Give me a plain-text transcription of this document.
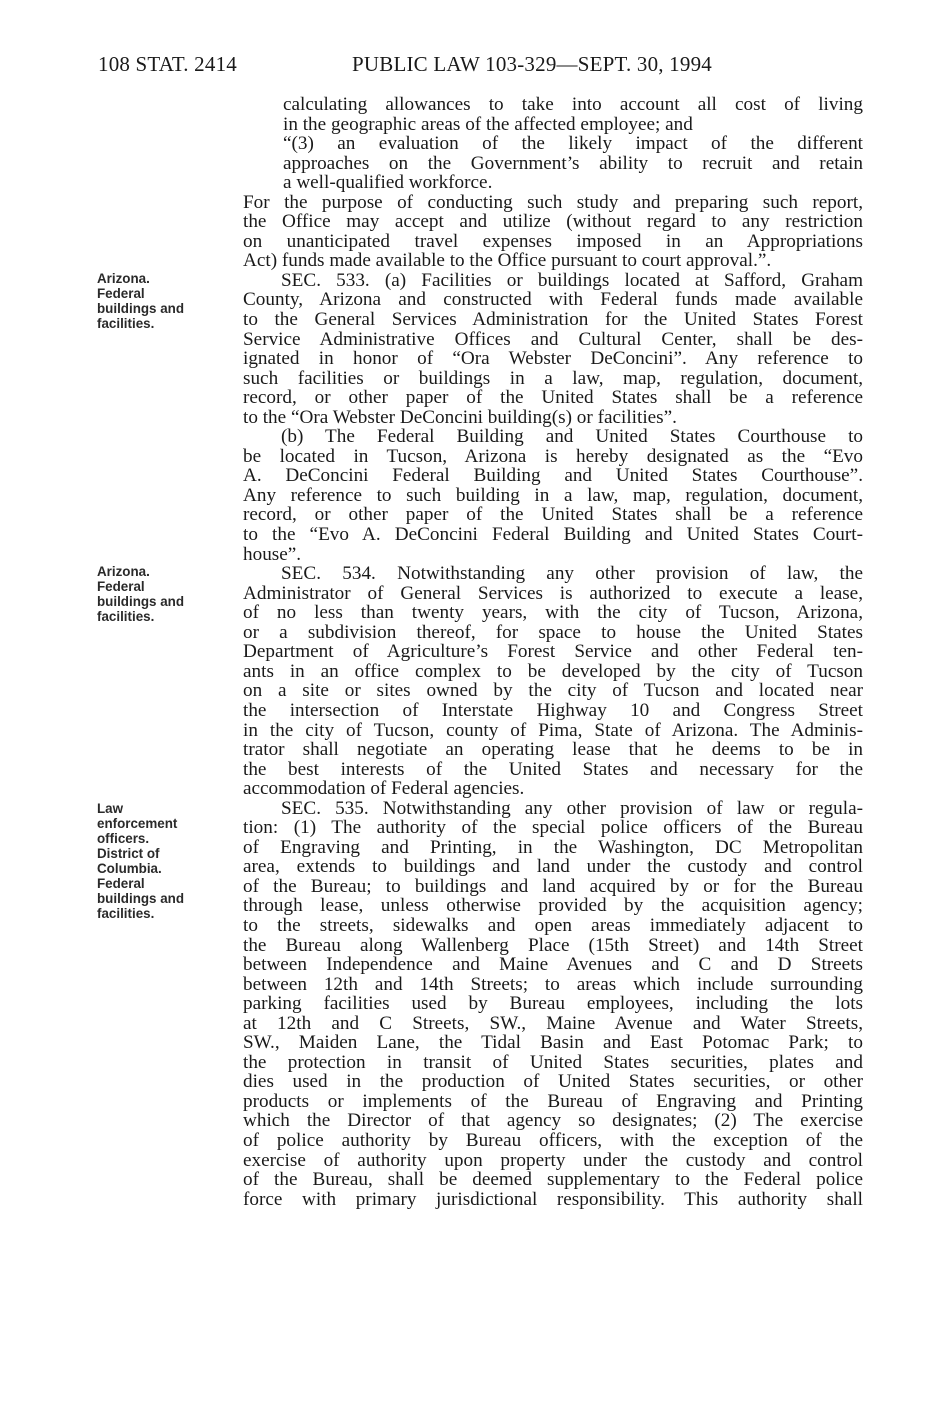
108 STAT. 2414	PUBLIC LAW 103-329—SEPT. 30, 1994
Arizona.
Federal
buildings and
facilities.
Arizona.
Federal
buildings and
facilities.
Law
enforcement
officers.
District of
Columbia.
Federal
buildings and
facilities.
calculating allowances to take into account all cost of living
in the geographic areas of the affected employee; and
“(3) an evaluation of the likely impact of the different
approaches on the Government’s ability to recruit and retain
a well-qualified workforce.
For the purpose of conducting such study and preparing such report,
the Office may accept and utilize (without regard to any restriction
on unanticipated travel expenses imposed in an Appropriations
Act) funds made available to the Office pursuant to court approval.”.
SEC. 533. (a) Facilities or buildings located at Safford, Graham
County, Arizona and constructed with Federal funds made available
to the General Services Administration for the United States Forest
Service Administrative Offices and Cultural Center, shall be des-
ignated in honor of “Ora Webster DeConcini”. Any reference to
such facilities or buildings in a law, map, regulation, document,
record, or other paper of the United States shall be a reference
to the “Ora Webster DeConcini building(s) or facilities”.
(b) The Federal Building and United States Courthouse to
be located in Tucson, Arizona is hereby designated as the “Evo
A. DeConcini Federal Building and United States Courthouse”.
Any reference to such building in a law, map, regulation, document,
record, or other paper of the United States shall be a reference
to the “Evo A. DeConcini Federal Building and United States Court-
house”.
SEC. 534. Notwithstanding any other provision of law, the
Administrator of General Services is authorized to execute a lease,
of no less than twenty years, with the city of Tucson, Arizona,
or a subdivision thereof, for space to house the United States
Department of Agriculture’s Forest Service and other Federal ten-
ants in an office complex to be developed by the city of Tucson
on a site or sites owned by the city of Tucson and located near
the intersection of Interstate Highway 10 and Congress Street
in the city of Tucson, county of Pima, State of Arizona. The Adminis-
trator shall negotiate an operating lease that he deems to be in
the best interests of the United States and necessary for the
accommodation of Federal agencies.
SEC. 535. Notwithstanding any other provision of law or regula-
tion: (1) The authority of the special police officers of the Bureau
of Engraving and Printing, in the Washington, DC Metropolitan
area, extends to buildings and land under the custody and control
of the Bureau; to buildings and land acquired by or for the Bureau
through lease, unless otherwise provided by the acquisition agency;
to the streets, sidewalks and open areas immediately adjacent to
the Bureau along Wallenberg Place (15th Street) and 14th Street
between Independence and Maine Avenues and C and D Streets
between 12th and 14th Streets; to areas which include surrounding
parking facilities used by Bureau employees, including the lots
at 12th and C Streets, SW., Maine Avenue and Water Streets,
SW., Maiden Lane, the Tidal Basin and East Potomac Park; to
the protection in transit of United States securities, plates and
dies used in the production of United States securities, or other
products or implements of the Bureau of Engraving and Printing
which the Director of that agency so designates; (2) The exercise
of police authority by Bureau officers, with the exception of the
exercise of authority upon property under the custody and control
of the Bureau, shall be deemed supplementary to the Federal police
force with primary jurisdictional responsibility. This authority shall
